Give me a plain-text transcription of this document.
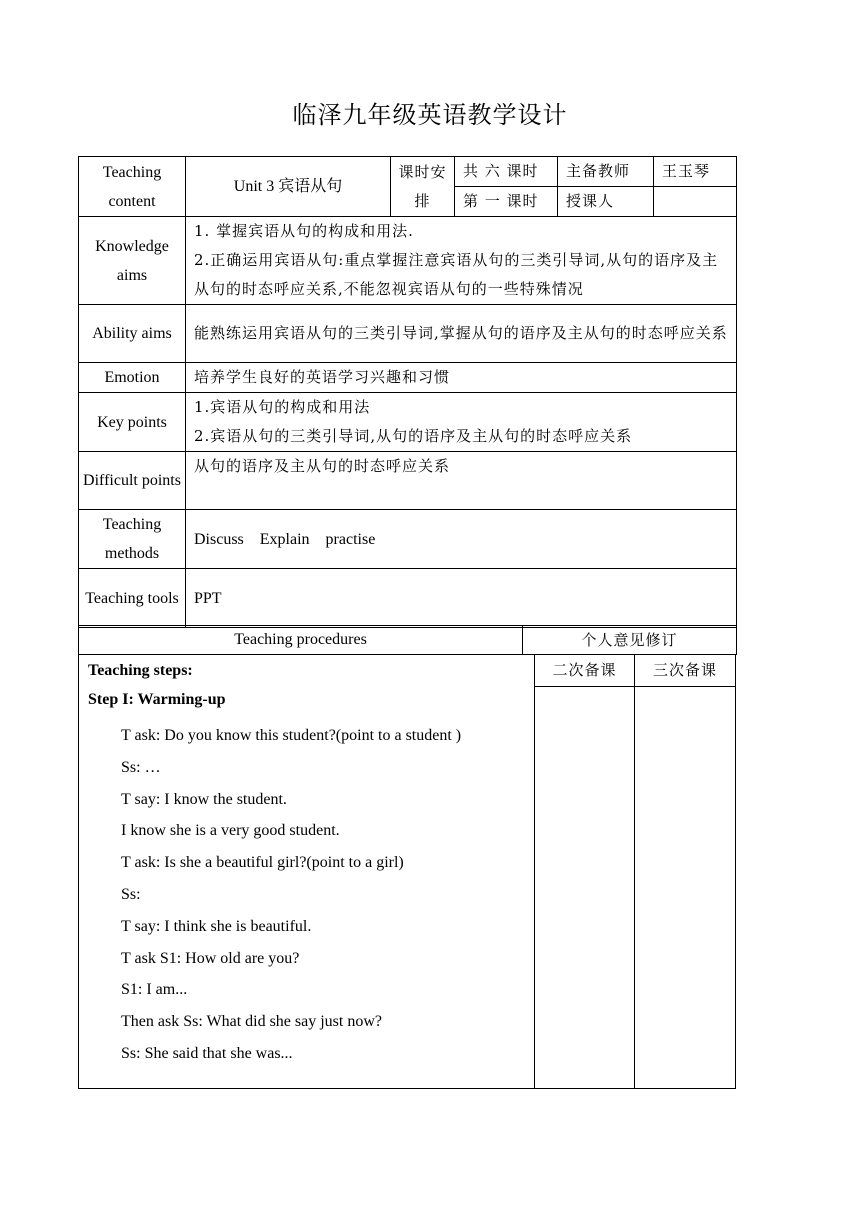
临泽九年级英语教学设计
Teaching content	Unit 3 宾语从句	课时安排	共 六 课时	主备教师	王玉琴
			第 一 课时	授课人	
Knowledge aims	1. 掌握宾语从句的构成和用法.
2.正确运用宾语从句:重点掌握注意宾语从句的三类引导词,从句的语序及主从句的时态呼应关系,不能忽视宾语从句的一些特殊情况				

Ability aims	能熟练运用宾语从句的三类引导词,掌握从句的语序及主从句的时态呼应关系				
Emotion	培养学生良好的英语学习兴趣和习惯				
Key points	1.宾语从句的构成和用法
2.宾语从句的三类引导词,从句的语序及主从句的时态呼应关系				

Difficult points	从句的语序及主从句的时态呼应关系				
Teaching methods	Discuss    Explain    practise				
Teaching tools	PPT				
Teaching procedures	个人意见修订
Teaching steps:
Step I: Warming-up
T ask: Do you know this student?(point to a student )
Ss: …
T say: I know the student.
I know she is a very good student.
T ask: Is she a beautiful girl?(point to a girl)
Ss:
T say: I think she is beautiful.
T ask S1: How old are you?
S1: I am...
Then ask Ss: What did she say just now?
Ss: She said that she was...
二次备课	三次备课
